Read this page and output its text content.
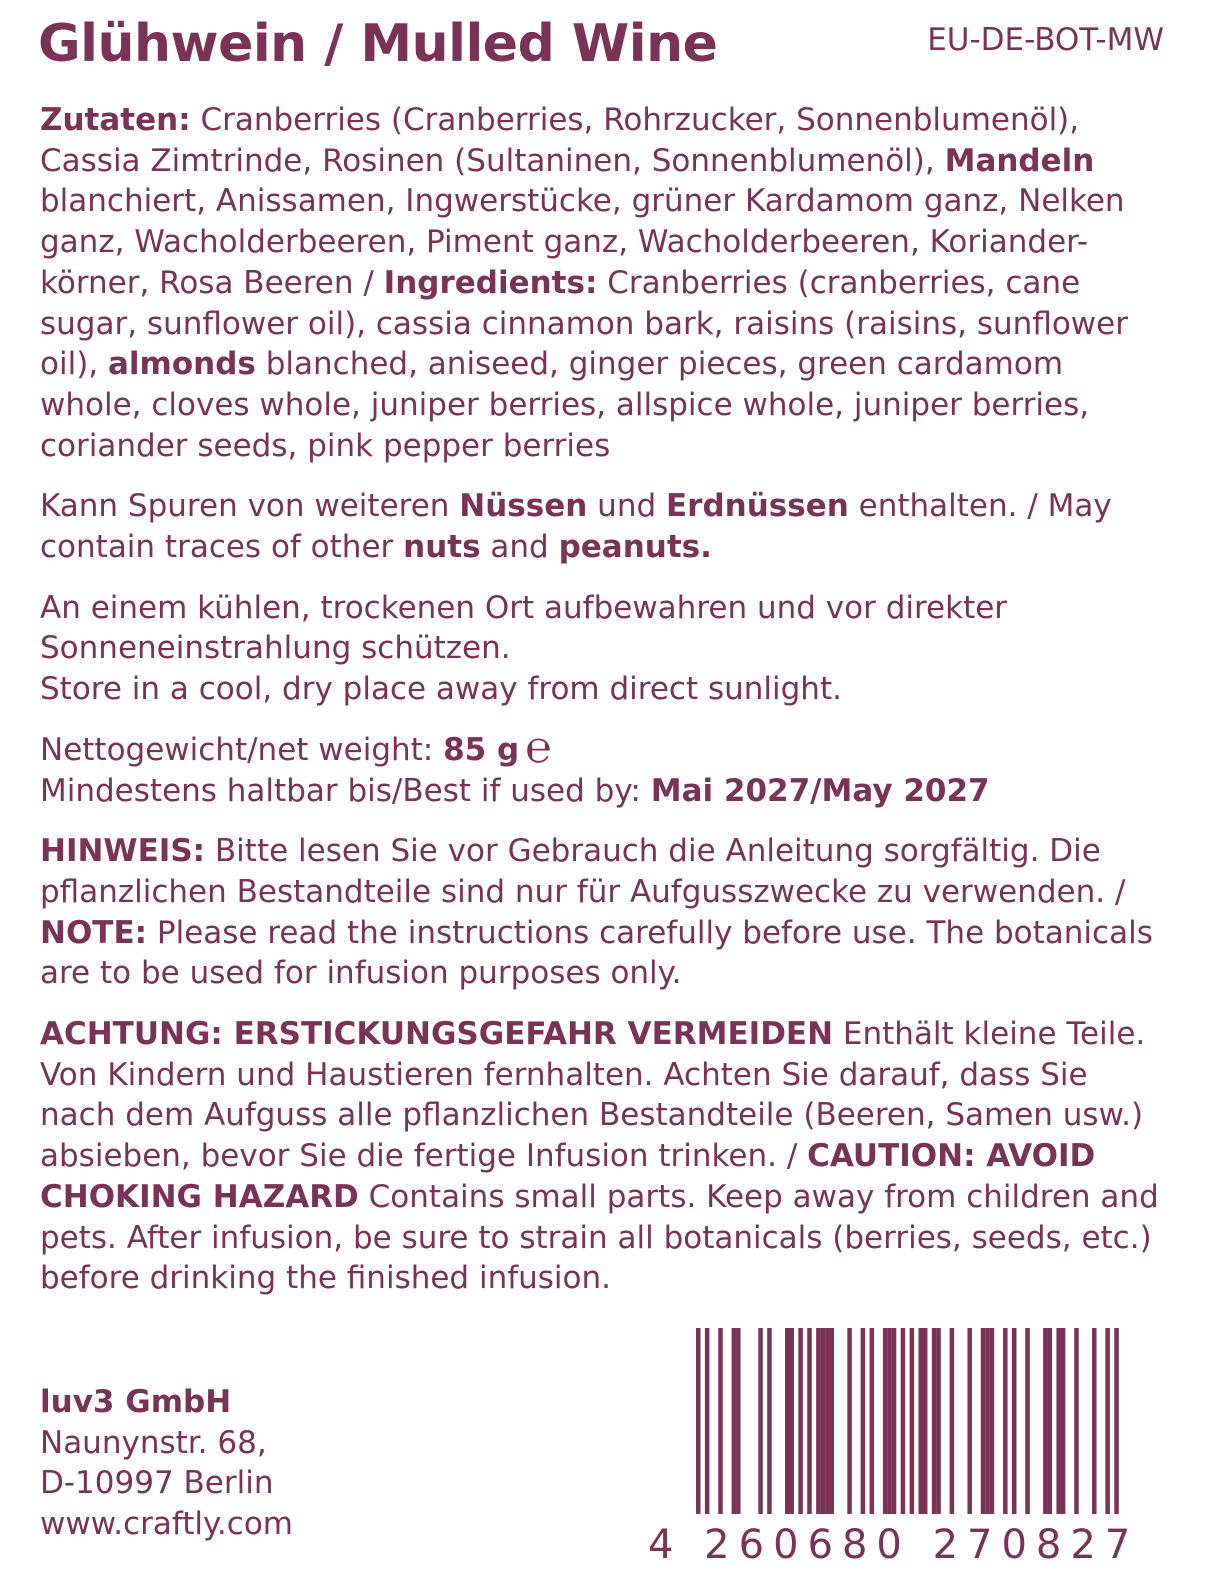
Glühwein / Mulled Wine	EU-DE-BOT-MW

Zutaten: Cranberries (Cranberries, Rohrzucker, Sonnenblumenöl), Cassia Zimtrinde, Rosinen (Sultaninen, Sonnenblumenöl), Mandeln blanchiert, Anissamen, Ingwerstücke, grüner Kardamom ganz, Nelken ganz, Wacholderbeeren, Piment ganz, Wacholderbeeren, Koriander-körner, Rosa Beeren / Ingredients: Cranberries (cranberries, cane sugar, sunflower oil), cassia cinnamon bark, raisins (raisins, sunflower oil), almonds blanched, aniseed, ginger pieces, green cardamom whole, cloves whole, juniper berries, allspice whole, juniper berries, coriander seeds, pink pepper berries

Kann Spuren von weiteren Nüssen und Erdnüssen enthalten. / May contain traces of other nuts and peanuts.

An einem kühlen, trockenen Ort aufbewahren und vor direkter Sonneneinstrahlung schützen.
Store in a cool, dry place away from direct sunlight.

Nettogewicht/net weight: 85 g ℮
Mindestens haltbar bis/Best if used by: Mai 2027/May 2027

HINWEIS: Bitte lesen Sie vor Gebrauch die Anleitung sorgfältig. Die pflanzlichen Bestandteile sind nur für Aufgusszwecke zu verwenden. / NOTE: Please read the instructions carefully before use. The botanicals are to be used for infusion purposes only.

ACHTUNG: ERSTICKUNGSGEFAHR VERMEIDEN Enthält kleine Teile. Von Kindern und Haustieren fernhalten. Achten Sie darauf, dass Sie nach dem Aufguss alle pflanzlichen Bestandteile (Beeren, Samen usw.) absieben, bevor Sie die fertige Infusion trinken. / CAUTION: AVOID CHOKING HAZARD Contains small parts. Keep away from children and pets. After infusion, be sure to strain all botanicals (berries, seeds, etc.) before drinking the finished infusion.

luv3 GmbH
Naunynstr. 68,
D-10997 Berlin
www.craftly.com	4 260680 270827
